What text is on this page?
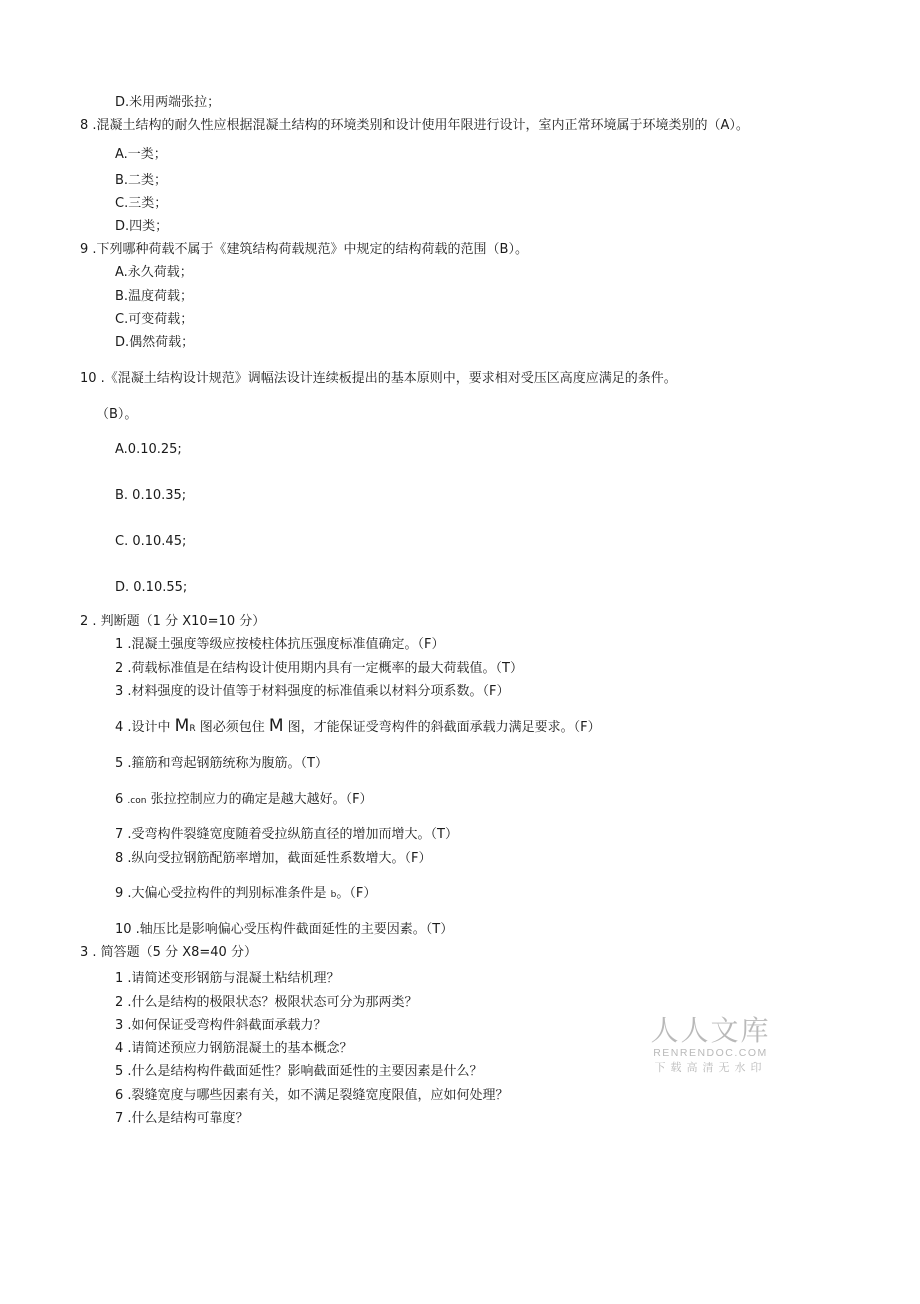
D.米用两端张拉；
8 .混凝土结构的耐久性应根据混凝土结构的环境类别和设计使用年限进行设计，室内正常环境属于环境类别的（A）。
A.一类；
B.二类；
C.三类；
D.四类；
9 .下列哪种荷载不属于《建筑结构荷载规范》中规定的结构荷载的范围（B）。
A.永久荷载；
B.温度荷载；
C.可变荷载；
D.偶然荷载；
10 .《混凝土结构设计规范》调幅法设计连续板提出的基本原则中，要求相对受压区高度应满足的条件。
（B）。
A.0.10.25;
B. 0.10.35;
C. 0.10.45;
D. 0.10.55;
2 . 判断题（1 分 X10=10 分）
1 .混凝土强度等级应按棱柱体抗压强度标准值确定。（F）
2 .荷载标准值是在结构设计使用期内具有一定概率的最大荷载值。（T）
3 .材料强度的设计值等于材料强度的标准值乘以材料分项系数。（F）
4 .设计中 MR 图必须包住 M 图，才能保证受弯构件的斜截面承载力满足要求。（F）
5 .箍筋和弯起钢筋统称为腹筋。（T）
6 .con 张拉控制应力的确定是越大越好。（F）
7 .受弯构件裂缝宽度随着受拉纵筋直径的增加而增大。（T）
8 .纵向受拉钢筋配筋率增加，截面延性系数增大。（F）
9 .大偏心受拉构件的判别标准条件是 b。（F）
10 .轴压比是影响偏心受压构件截面延性的主要因素。（T）
3 . 简答题（5 分 X8=40 分）
1 .请简述变形钢筋与混凝土粘结机理？
2 .什么是结构的极限状态？极限状态可分为那两类？
3 .如何保证受弯构件斜截面承载力？
4 .请简述预应力钢筋混凝土的基本概念？
5 .什么是结构构件截面延性？影响截面延性的主要因素是什么？
6 .裂缝宽度与哪些因素有关，如不满足裂缝宽度限值，应如何处理？
7 .什么是结构可靠度？
人人文库
RENRENDOC.COM
下载高清无水印
